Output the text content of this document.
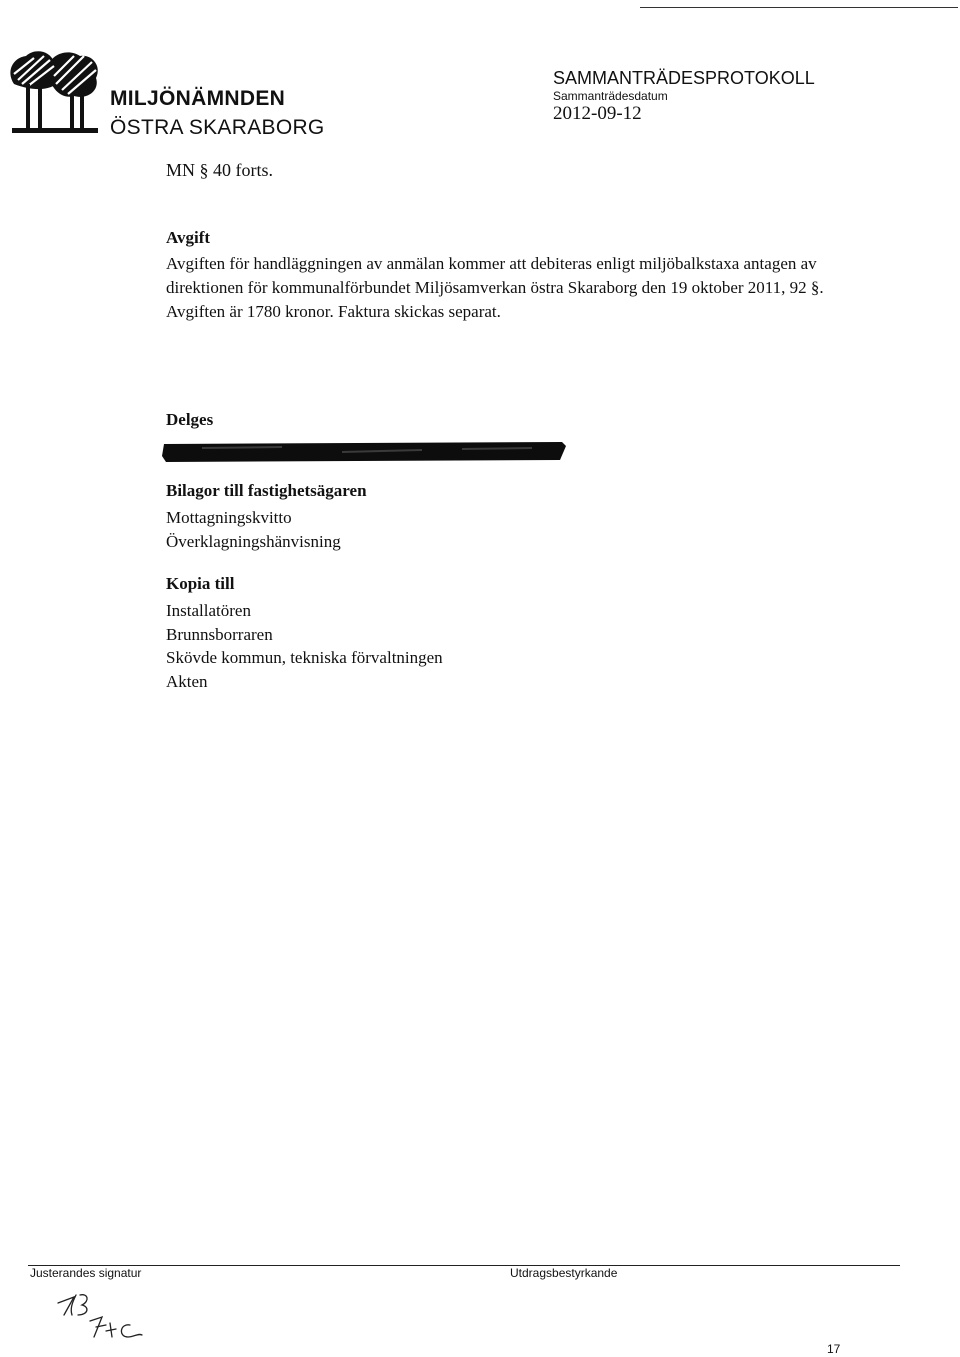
MILJÖNÄMNDEN
ÖSTRA SKARABORG
SAMMANTRÄDESPROTOKOLL
Sammanträdesdatum
2012-09-12
MN § 40 forts.
Avgift
Avgiften för handläggningen av anmälan kommer att debiteras enligt miljöbalkstaxa antagen av direktionen för kommunalförbundet Miljösamverkan östra Skaraborg den 19 oktober 2011, 92 §. Avgiften är 1780 kronor. Faktura skickas separat.
Delges
Bilagor till fastighetsägaren
Mottagningskvitto
Överklagningshänvisning
Kopia till
Installatören
Brunnsborraren
Skövde kommun, tekniska förvaltningen
Akten
Justerandes signatur	Utdragsbestyrkande
17
